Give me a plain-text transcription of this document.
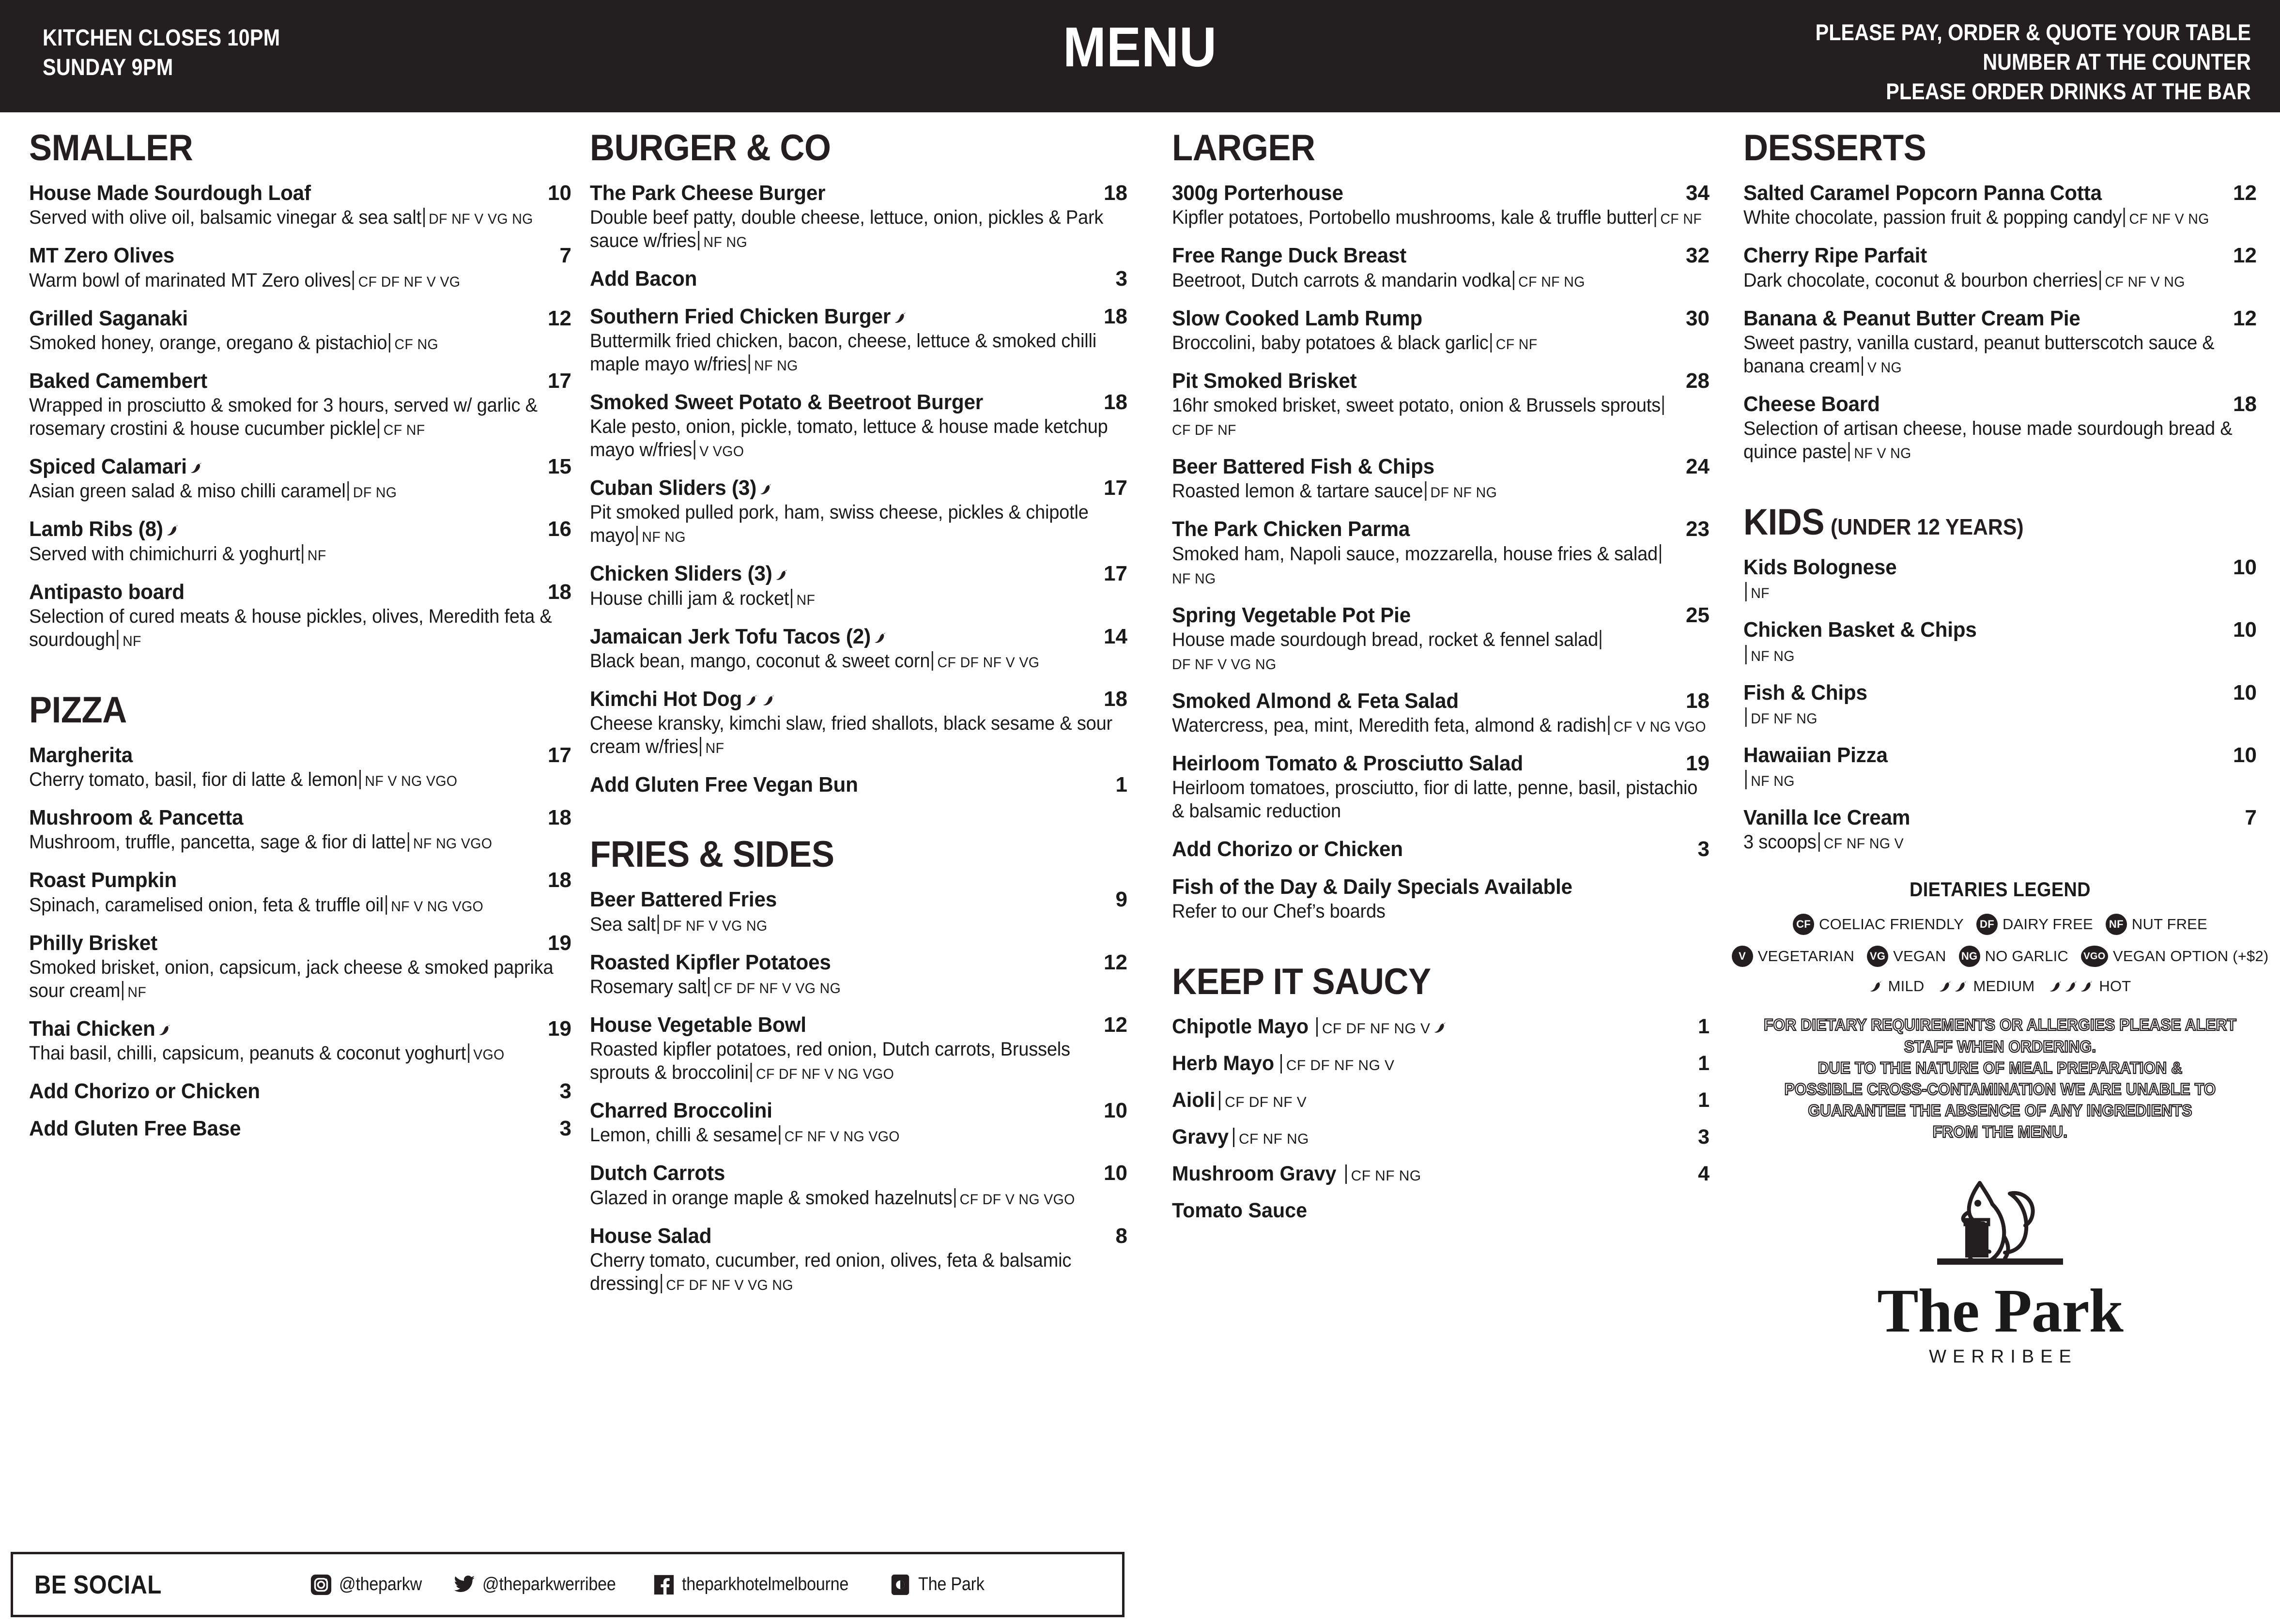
KITCHEN CLOSES 10PM
SUNDAY 9PM	MENU	PLEASE PAY, ORDER & QUOTE YOUR TABLE
NUMBER AT THE COUNTER
PLEASE ORDER DRINKS AT THE BAR
SMALLER
House Made Sourdough Loaf	10
Served with olive oil, balsamic vinegar & sea salt DF NF V VG NG
MT Zero Olives	7
Warm bowl of marinated MT Zero olives CF DF NF V VG
Grilled Saganaki	12
Smoked honey, orange, oregano & pistachio CF NG
Baked Camembert	17
Wrapped in prosciutto & smoked for 3 hours, served w/ garlic & rosemary crostini & house cucumber pickle CF NF
Spiced Calamari	15
Asian green salad & miso chilli caramel DF NG
Lamb Ribs (8)	16
Served with chimichurri & yoghurt NF
Antipasto board	18
Selection of cured meats & house pickles, olives, Meredith feta & sourdough NF
PIZZA
Margherita	17
Cherry tomato, basil, fior di latte & lemon NF V NG VGO
Mushroom & Pancetta	18
Mushroom, truffle, pancetta, sage & fior di latte NF NG VGO
Roast Pumpkin	18
Spinach, caramelised onion, feta & truffle oil NF V NG VGO
Philly Brisket	19
Smoked brisket, onion, capsicum, jack cheese & smoked paprika sour cream NF
Thai Chicken	19
Thai basil, chilli, capsicum, peanuts & coconut yoghurt VGO
Add Chorizo or Chicken	3
Add Gluten Free Base	3
BURGER & CO
The Park Cheese Burger	18
Double beef patty, double cheese, lettuce, onion, pickles & Park sauce w/fries NF NG
Add Bacon	3
Southern Fried Chicken Burger	18
Buttermilk fried chicken, bacon, cheese, lettuce & smoked chilli maple mayo w/fries NF NG
Smoked Sweet Potato & Beetroot Burger	18
Kale pesto, onion, pickle, tomato, lettuce & house made ketchup mayo w/fries V VGO
Cuban Sliders (3)	17
Pit smoked pulled pork, ham, swiss cheese, pickles & chipotle mayo NF NG
Chicken Sliders (3)	17
House chilli jam & rocket NF
Jamaican Jerk Tofu Tacos (2)	14
Black bean, mango, coconut & sweet corn CF DF NF V VG
Kimchi Hot Dog	18
Cheese kransky, kimchi slaw, fried shallots, black sesame & sour cream w/fries NF
Add Gluten Free Vegan Bun	1
FRIES & SIDES
Beer Battered Fries	9
Sea salt DF NF V VG NG
Roasted Kipfler Potatoes	12
Rosemary salt CF DF NF V VG NG
House Vegetable Bowl	12
Roasted kipfler potatoes, red onion, Dutch carrots, Brussels sprouts & broccolini CF DF NF V NG VGO
Charred Broccolini	10
Lemon, chilli & sesame CF NF V NG VGO
Dutch Carrots	10
Glazed in orange maple & smoked hazelnuts CF DF V NG VGO
House Salad	8
Cherry tomato, cucumber, red onion, olives, feta & balsamic dressing CF DF NF V VG NG
LARGER
300g Porterhouse	34
Kipfler potatoes, Portobello mushrooms, kale & truffle butter CF NF
Free Range Duck Breast	32
Beetroot, Dutch carrots & mandarin vodka CF NF NG
Slow Cooked Lamb Rump	30
Broccolini, baby potatoes & black garlic CF NF
Pit Smoked Brisket	28
16hr smoked brisket, sweet potato, onion & Brussels sproutsCF DF NF
Beer Battered Fish & Chips	24
Roasted lemon & tartare sauce DF NF NG
The Park Chicken Parma	23
Smoked ham, Napoli sauce, mozzarella, house fries & saladNF NG
Spring Vegetable Pot Pie	25
House made sourdough bread, rocket & fennel saladDF NF V VG NG
Smoked Almond & Feta Salad	18
Watercress, pea, mint, Meredith feta, almond & radish CF V NG VGO
Heirloom Tomato & Prosciutto Salad	19
Heirloom tomatoes, prosciutto, fior di latte, penne, basil, pistachio & balsamic reduction
Add Chorizo or Chicken	3
Fish of the Day & Daily Specials Available
Refer to our Chef’s boards
KEEP IT SAUCY
Chipotle Mayo CF DF NF NG V	1
Herb Mayo CF DF NF NG V	1
Aioli CF DF NF V	1
Gravy CF NF NG	3
Mushroom Gravy	CF NF NG	4
Tomato Sauce
DESSERTS
Salted Caramel Popcorn Panna Cotta	12
White chocolate, passion fruit & popping candy CF NF V NG
Cherry Ripe Parfait	12
Dark chocolate, coconut & bourbon cherries CF NF V NG
Banana & Peanut Butter Cream Pie	12
Sweet pastry, vanilla custard, peanut butterscotch sauce & banana cream V NG
Cheese Board	18
Selection of artisan cheese, house made sourdough bread & quince paste NF V NG
KIDS (UNDER 12 YEARS)
Kids Bolognese	10
NF
Chicken Basket & Chips	10
NF NG
Fish & Chips	10
DF NF NG
Hawaiian Pizza	10
NF NG
Vanilla Ice Cream	7
3 scoops CF NF NG V
DIETARIES LEGEND
CF COELIAC FRIENDLY	DF DAIRY FREE	NF NUT FREE
V VEGETARIAN VG VEGAN NG NO GARLIC VGO VEGAN OPTION (+$2)
MILD	MEDIUM	HOT
FOR DIETARY REQUIREMENTS OR ALLERGIES PLEASE ALERT
STAFF WHEN ORDERING.
DUE TO THE NATURE OF MEAL PREPARATION &
POSSIBLE CROSS-CONTAMINATION WE ARE UNABLE TO
GUARANTEE THE ABSENCE OF ANY INGREDIENTS
FROM THE MENU.
The Park
WERRIBEE
BE SOCIAL	@theparkw	@theparkwerribee	theparkhotelmelbourne	The Park
